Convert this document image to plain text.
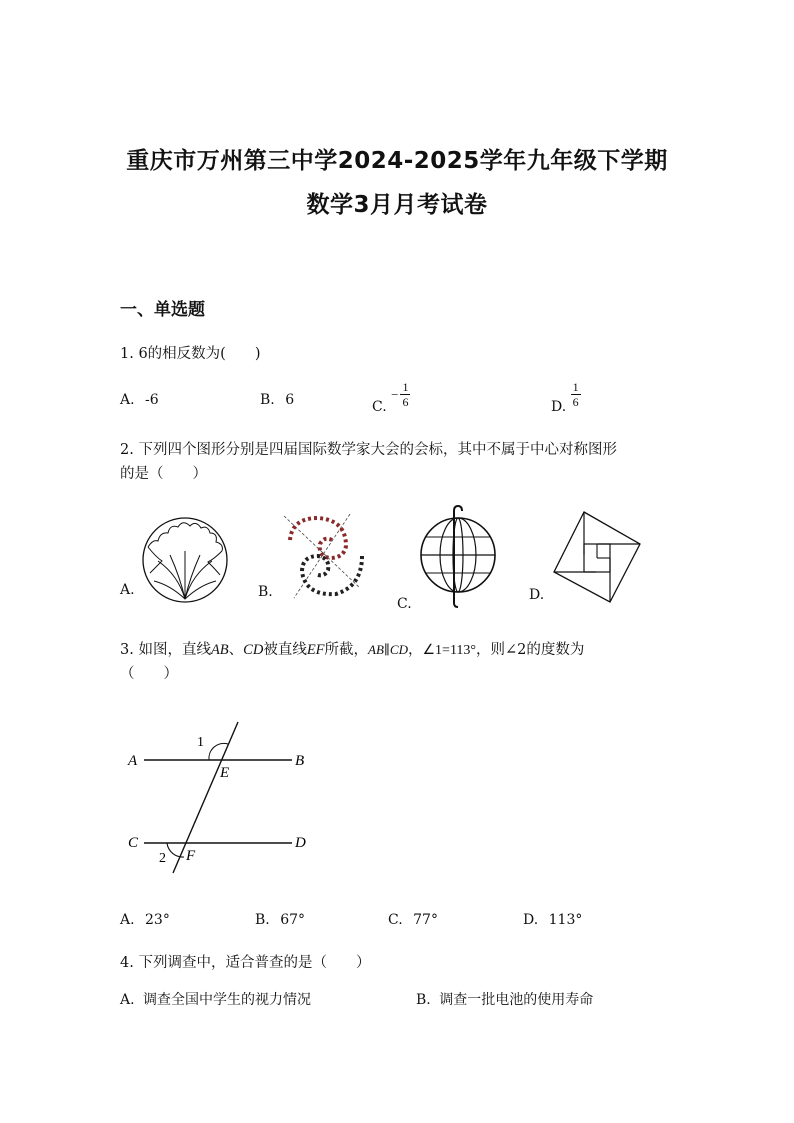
重庆市万州第三中学2024-2025学年九年级下学期
数学3月月考试卷
一、单选题
1. 6的相反数为(　　)
A. -6	B. 6	C. − $\frac{1}{6}$	D. $\frac{1}{6}$
2. 下列四个图形分别是四届国际数学家大会的会标，其中不属于中心对称图形
的是（　　）
A.	B.
C.
D.
3. 如图，直线AB、CD被直线EF所截，AB∥CD，∠1=113°，则∠2的度数为
（　　）
A	B
C	D
E
F
1
2
A. 23°	B. 67°	C. 77°	D. 113°
4. 下列调查中，适合普查的是（　　）
A. 调查全国中学生的视力情况	B. 调查一批电池的使用寿命
